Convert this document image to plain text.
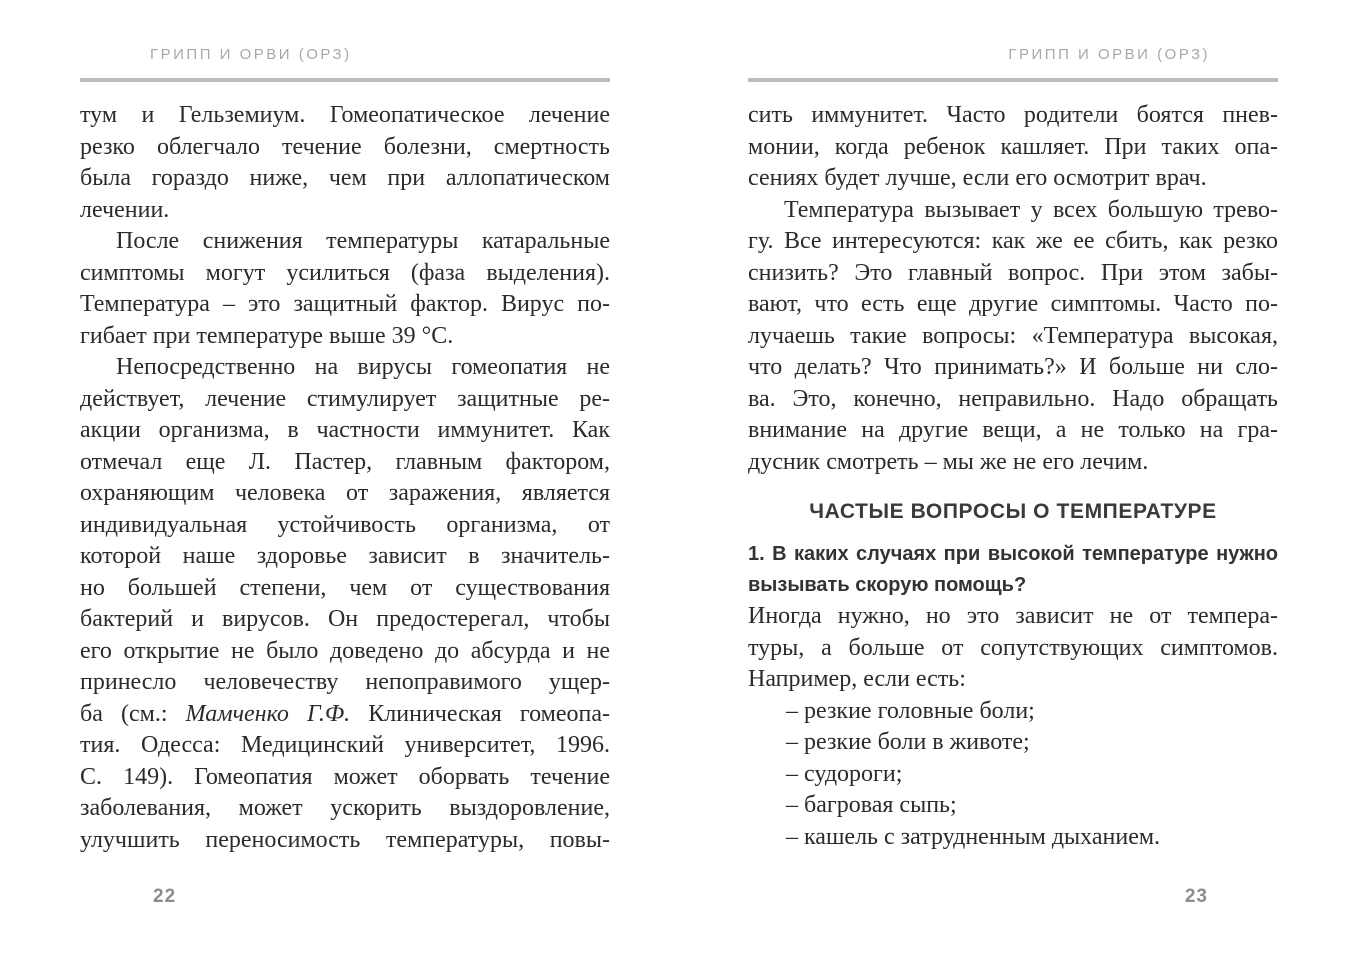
ГРИПП И ОРВИ (ОРЗ)
тум и Гельземиум. Гомеопатическое лечение
резко облегчало течение болезни, смертность
была гораздо ниже, чем при аллопатическом
лечении.
После снижения температуры катаральные
симптомы могут усилиться (фаза выделения).
Температура – это защитный фактор. Вирус по-
гибает при температуре выше 39 °С.
Непосредственно на вирусы гомеопатия не
действует, лечение стимулирует защитные ре-
акции организма, в частности иммунитет. Как
отмечал еще Л. Пастер, главным фактором,
охраняющим человека от заражения, является
индивидуальная устойчивость организма, от
которой наше здоровье зависит в значитель-
но большей степени, чем от существования
бактерий и вирусов. Он предостерегал, чтобы
его открытие не было доведено до абсурда и не
принесло человечеству непоправимого ущер-
ба (см.: Мамченко Г.Ф. Клиническая гомеопа-
тия. Одесса: Медицинский университет, 1996.
С. 149). Гомеопатия может оборвать течение
заболевания, может ускорить выздоровление,
улучшить переносимость температуры, повы-
22
ГРИПП И ОРВИ (ОРЗ)
сить иммунитет. Часто родители боятся пнев-
монии, когда ребенок кашляет. При таких опа-
сениях будет лучше, если его осмотрит врач.
Температура вызывает у всех большую трево-
гу. Все интересуются: как же ее сбить, как резко
снизить? Это главный вопрос. При этом забы-
вают, что есть еще другие симптомы. Часто по-
лучаешь такие вопросы: «Температура высокая,
что делать? Что принимать?» И больше ни сло-
ва. Это, конечно, неправильно. Надо обращать
внимание на другие вещи, а не только на гра-
дусник смотреть – мы же не его лечим.
ЧАСТЫЕ ВОПРОСЫ О ТЕМПЕРАТУРЕ
1. В каких случаях при высокой температуре нужно
вызывать скорую помощь?
Иногда нужно, но это зависит не от темпера-
туры, а больше от сопутствующих симптомов.
Например, если есть:
– резкие головные боли;
– резкие боли в животе;
– судороги;
– багровая сыпь;
– кашель с затрудненным дыханием.
23
